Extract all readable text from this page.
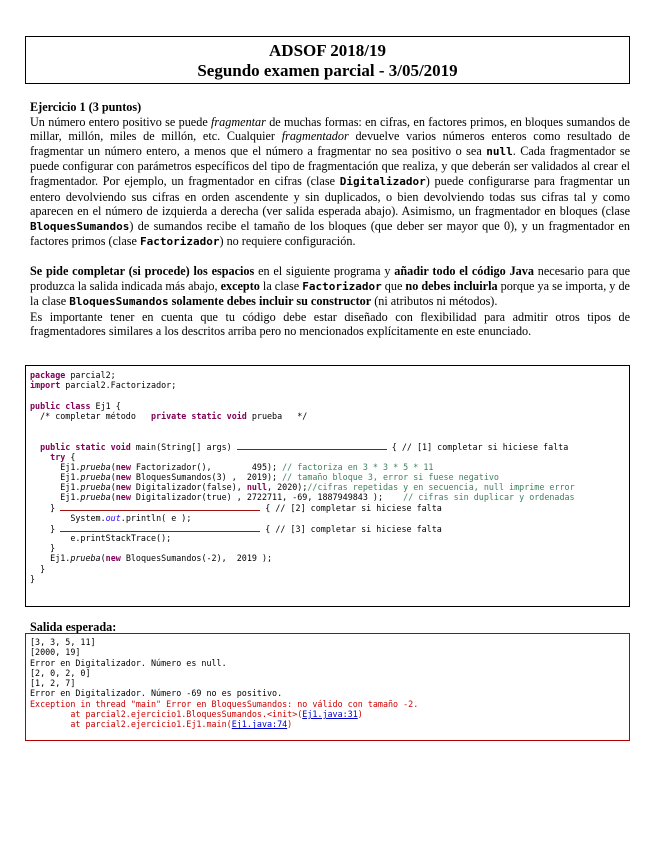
ADSOF 2018/19
Segundo examen parcial - 3/05/2019

Ejercicio 1 (3 puntos)

Un número entero positivo se puede fragmentar de muchas formas: en cifras, en factores primos, en bloques sumandos de millar, millón, miles de millón, etc. Cualquier fragmentador devuelve varios números enteros como resultado de fragmentar un número entero, a menos que el número a fragmentar no sea positivo o sea null. Cada fragmentador se puede configurar con parámetros específicos del tipo de fragmentación que realiza, y que deberán ser validados al crear el fragmentador. Por ejemplo, un fragmentador en cifras (clase Digitalizador) puede configurarse para fragmentar un entero devolviendo sus cifras en orden ascendente y sin duplicados, o bien devolviendo todas sus cifras tal y como aparecen en el número de izquierda a derecha (ver salida esperada abajo). Asimismo, un fragmentador en bloques (clase BloquesSumandos) de sumandos recibe el tamaño de los bloques (que deber ser mayor que 0), y un fragmentador en factores primos (clase Factorizador) no requiere configuración.

Se pide completar (si procede) los espacios en el siguiente programa y añadir todo el código Java necesario para que produzca la salida indicada más abajo, excepto la clase Factorizador que no debes incluirla porque ya se importa, y de la clase BloquesSumandos solamente debes incluir su constructor (ni atributos ni métodos).

Es importante tener en cuenta que tu código debe estar diseñado con flexibilidad para admitir otros tipos de fragmentadores similares a los descritos arriba pero no mencionados explícitamente en este enunciado.

package parcial2;
import parcial2.Factorizador;
public class Ej1 {
/* completar método   private static void prueba   */
public static void main(String[] args)	{ // [1] completar si hiciese falta
try {
Ej1.prueba(new Factorizador(),        495); // factoriza en 3 * 3 * 5 * 11
Ej1.prueba(new BloquesSumandos(3) ,  2019); // tamaño bloque 3, error si fuese negativo
Ej1.prueba(new Digitalizador(false), null, 2020);//cifras repetidas y en secuencia, null imprime error
Ej1.prueba(new Digitalizador(true) , 2722711, -69, 1887949843 );    // cifras sin duplicar y ordenadas
}	{ // [2] completar si hiciese falta
System.out.println( e );
}	{ // [3] completar si hiciese falta
e.printStackTrace();
}
Ej1.prueba(new BloquesSumandos(-2),  2019 );
}
}
Salida esperada:
[3, 3, 5, 11]
[2000, 19]
Error en Digitalizador. Número es null.
[2, 0, 2, 0]
[1, 2, 7]
Error en Digitalizador. Número -69 no es positivo.
Exception in thread "main" Error en BloquesSumandos: no válido con tamaño -2.
at parcial2.ejercicio1.BloquesSumandos.<init>(Ej1.java:31)
at parcial2.ejercicio1.Ej1.main(Ej1.java:74)
